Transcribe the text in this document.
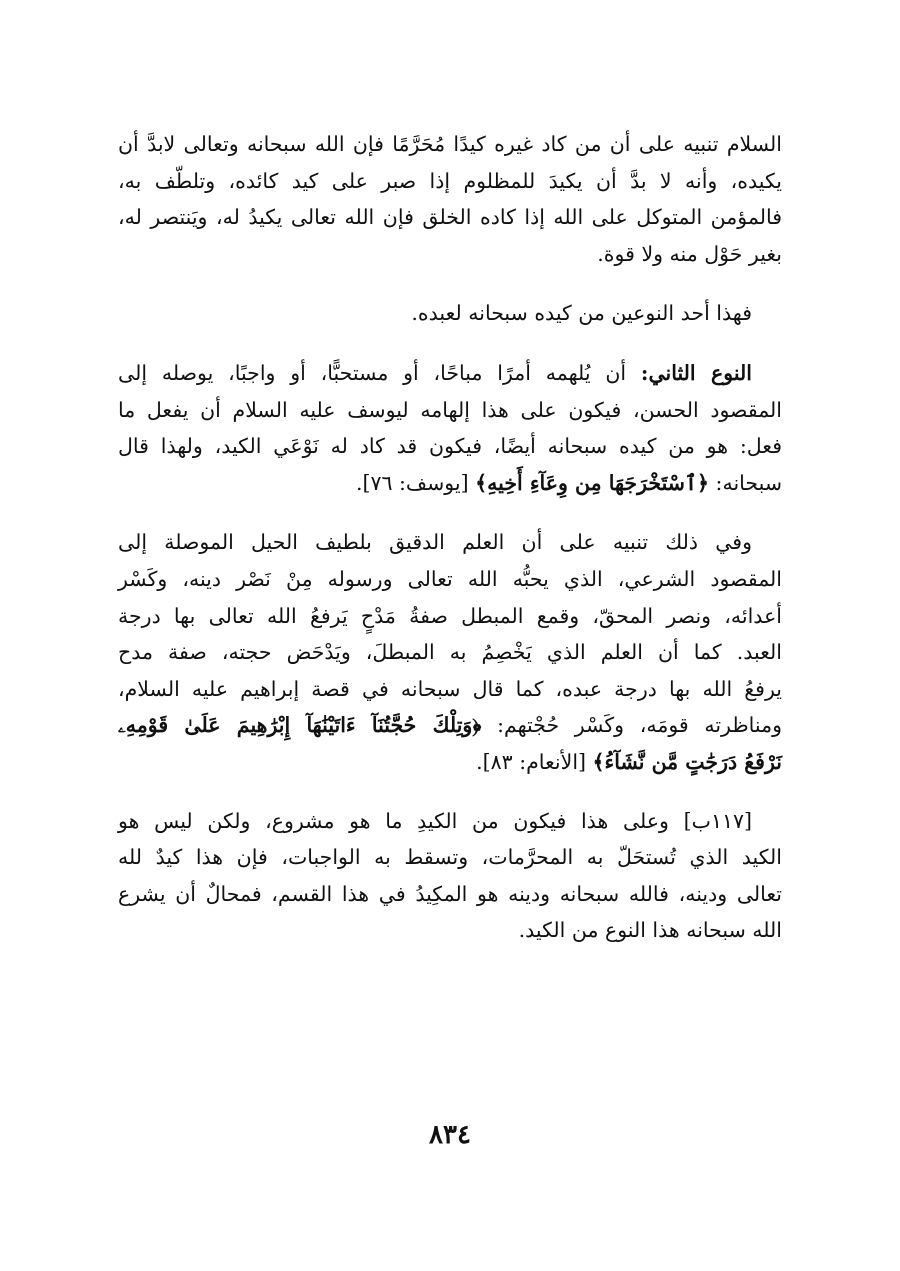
السلام تنبيه على أن من كاد غيره كيدًا مُحَرَّمًا فإن الله سبحانه وتعالى لابدَّ أن
يكيده، وأنه لا بدَّ أن يكيدَ للمظلوم إذا صبر على كيد كائده، وتلطّف به،
فالمؤمن المتوكل على الله إذا كاده الخلق فإن الله تعالى يكيدُ له، ويَنتصر له،
بغير حَوْل منه ولا قوة.

فهذا أحد النوعين من كيده سبحانه لعبده.

النوع الثاني: أن يُلهمه أمرًا مباحًا، أو مستحبًّا، أو واجبًا، يوصله إلى
المقصود الحسن، فيكون على هذا إلهامه ليوسف عليه السلام أن يفعل ما
فعل: هو من كيده سبحانه أيضًا، فيكون قد كاد له نَوْعَي الكيد، ولهذا قال
سبحانه: ﴿ٱسْتَخْرَجَهَا مِن وِعَآءِ أَخِيهِ﴾ [يوسف: ٧٦].

وفي ذلك تنبيه على أن العلم الدقيق بلطيف الحيل الموصلة إلى
المقصود الشرعي، الذي يحبُّه الله تعالى ورسوله مِنْ نَصْر دينه، وكَسْر
أعدائه، ونصر المحقّ، وقمع المبطل صفةُ مَدْحٍ يَرفعُ الله تعالى بها درجة
العبد. كما أن العلم الذي يَخْصِمُ به المبطلَ، ويَدْحَض حجته، صفة مدح
يرفعُ الله بها درجة عبده، كما قال سبحانه في قصة إبراهيم عليه السلام،
ومناظرته قومَه، وكَسْر حُجْتهم: ﴿وَتِلْكَ حُجَّتُنَآ ءَاتَيْنَٰهَآ إِبْرَٰهِيمَ عَلَىٰ قَوْمِهِۦ
نَرْفَعُ دَرَجَٰتٍ مَّن نَّشَآءُ﴾ [الأنعام: ٨٣].

[١١٧ب] وعلى هذا فيكون من الكيدِ ما هو مشروع، ولكن ليس هو
الكيد الذي تُستحَلّ به المحرَّمات، وتسقط به الواجبات، فإن هذا كيدٌ لله
تعالى ودينه، فالله سبحانه ودينه هو المكِيدُ في هذا القسم، فمحالٌ أن يشرع
الله سبحانه هذا النوع من الكيد.

٨٣٤
